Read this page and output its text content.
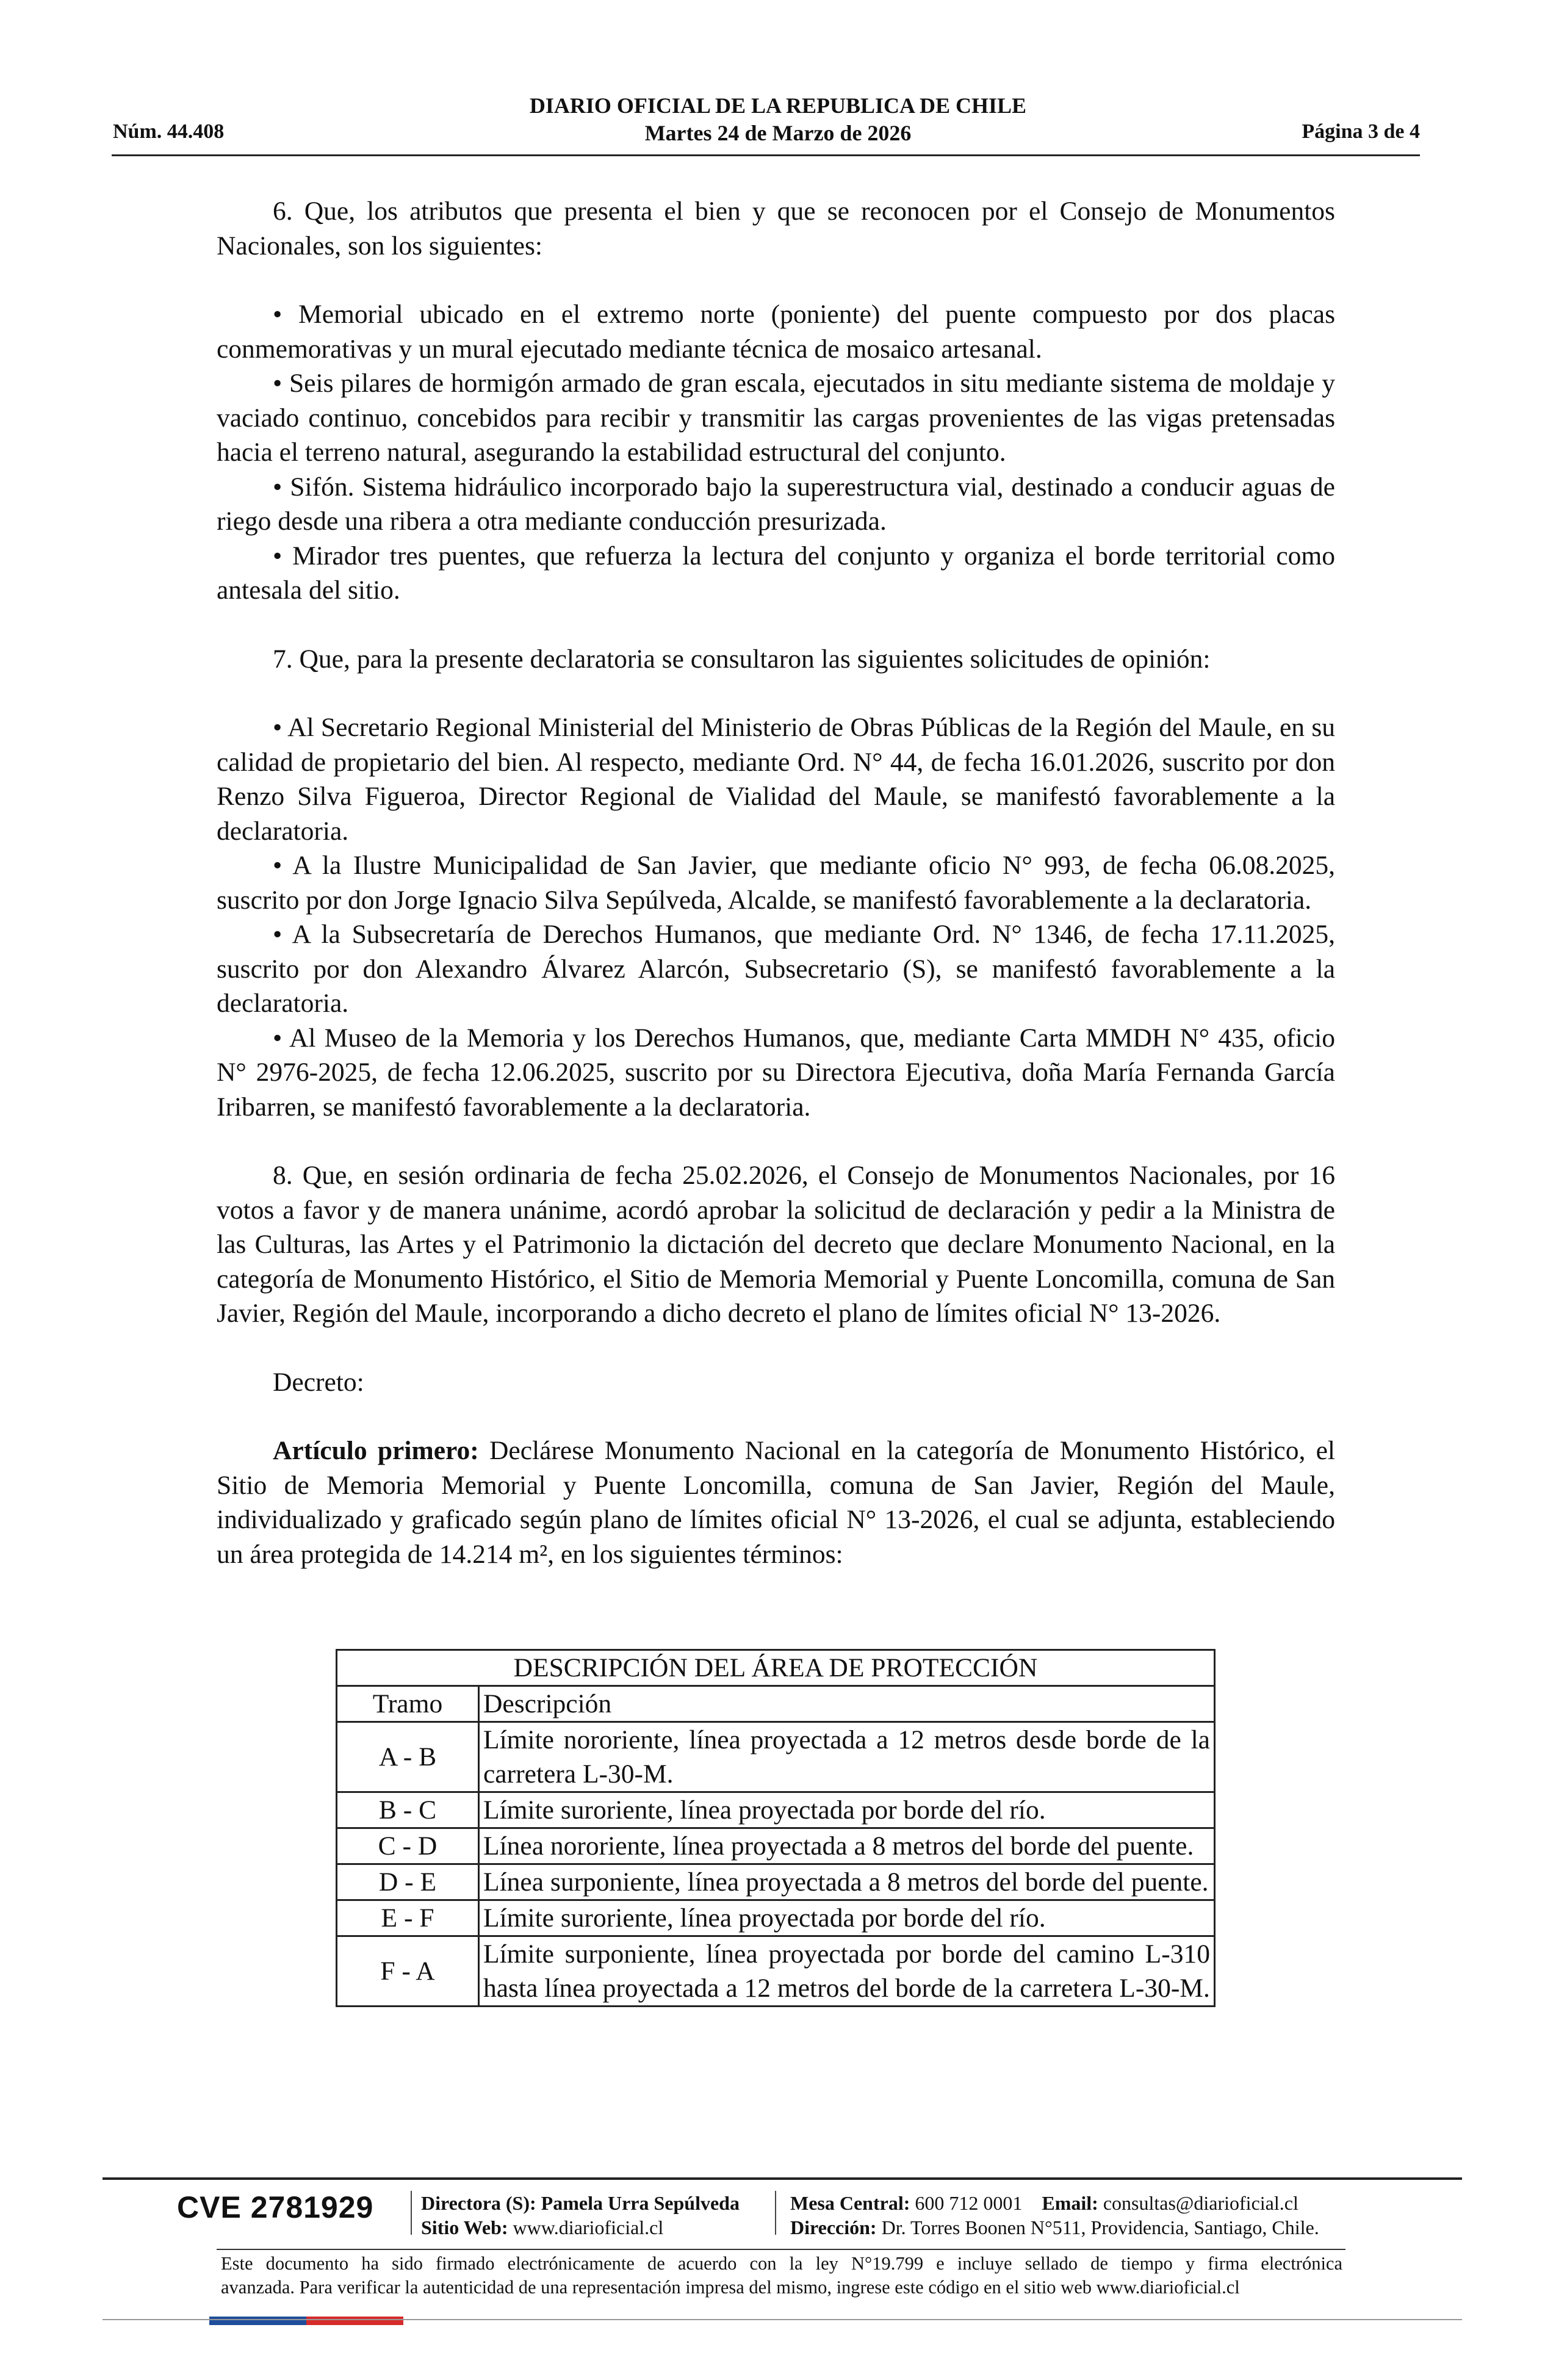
DIARIO OFICIAL DE LA REPUBLICA DE CHILE
Martes 24 de Marzo de 2026
Núm. 44.408	Página 3 de 4

6. Que, los atributos que presenta el bien y que se reconocen por el Consejo de Monumentos Nacionales, son los siguientes:

• Memorial ubicado en el extremo norte (poniente) del puente compuesto por dos placas conmemorativas y un mural ejecutado mediante técnica de mosaico artesanal.

• Seis pilares de hormigón armado de gran escala, ejecutados in situ mediante sistema de moldaje y vaciado continuo, concebidos para recibir y transmitir las cargas provenientes de las vigas pretensadas hacia el terreno natural, asegurando la estabilidad estructural del conjunto.

• Sifón. Sistema hidráulico incorporado bajo la superestructura vial, destinado a conducir aguas de riego desde una ribera a otra mediante conducción presurizada.

• Mirador tres puentes, que refuerza la lectura del conjunto y organiza el borde territorial como antesala del sitio.

7. Que, para la presente declaratoria se consultaron las siguientes solicitudes de opinión:

• Al Secretario Regional Ministerial del Ministerio de Obras Públicas de la Región del Maule, en su calidad de propietario del bien. Al respecto, mediante Ord. N° 44, de fecha 16.01.2026, suscrito por don Renzo Silva Figueroa, Director Regional de Vialidad del Maule, se manifestó favorablemente a la declaratoria.

• A la Ilustre Municipalidad de San Javier, que mediante oficio N° 993, de fecha 06.08.2025, suscrito por don Jorge Ignacio Silva Sepúlveda, Alcalde, se manifestó favorablemente a la declaratoria.

• A la Subsecretaría de Derechos Humanos, que mediante Ord. N° 1346, de fecha 17.11.2025, suscrito por don Alexandro Álvarez Alarcón, Subsecretario (S), se manifestó favorablemente a la declaratoria.

• Al Museo de la Memoria y los Derechos Humanos, que, mediante Carta MMDH N° 435, oficio N° 2976-2025, de fecha 12.06.2025, suscrito por su Directora Ejecutiva, doña María Fernanda García Iribarren, se manifestó favorablemente a la declaratoria.

8. Que, en sesión ordinaria de fecha 25.02.2026, el Consejo de Monumentos Nacionales, por 16 votos a favor y de manera unánime, acordó aprobar la solicitud de declaración y pedir a la Ministra de las Culturas, las Artes y el Patrimonio la dictación del decreto que declare Monumento Nacional, en la categoría de Monumento Histórico, el Sitio de Memoria Memorial y Puente Loncomilla, comuna de San Javier, Región del Maule, incorporando a dicho decreto el plano de límites oficial N° 13-2026.

Decreto:

Artículo primero: Declárese Monumento Nacional en la categoría de Monumento Histórico, el Sitio de Memoria Memorial y Puente Loncomilla, comuna de San Javier, Región del Maule, individualizado y graficado según plano de límites oficial N° 13-2026, el cual se adjunta, estableciendo un área protegida de 14.214 m², en los siguientes términos:

DESCRIPCIÓN DEL ÁREA DE PROTECCIÓN	
Tramo	Descripción
A - B	Límite nororiente, línea proyectada a 12 metros desde borde de la carretera L-30-M.
B - C	Límite suroriente, línea proyectada por borde del río.
C - D	Línea nororiente, línea proyectada a 8 metros del borde del puente.
D - E	Línea surponiente, línea proyectada a 8 metros del borde del puente.
E - F	Límite suroriente, línea proyectada por borde del río.
F - A	Límite surponiente, línea proyectada por borde del camino L-310 hasta línea proyectada a 12 metros del borde de la carretera L-30-M.
CVE 2781929 Directora (S): Pamela Urra Sepúlveda
Sitio Web: www.diarioficial.cl
Mesa Central: 600 712 0001 Email: consultas@diarioficial.cl
Dirección: Dr. Torres Boonen N°511, Providencia, Santiago, Chile.
Este documento ha sido firmado electrónicamente de acuerdo con la ley N°19.799 e incluye sellado de tiempo y firma electrónica
avanzada. Para verificar la autenticidad de una representación impresa del mismo, ingrese este código en el sitio web www.diarioficial.cl
